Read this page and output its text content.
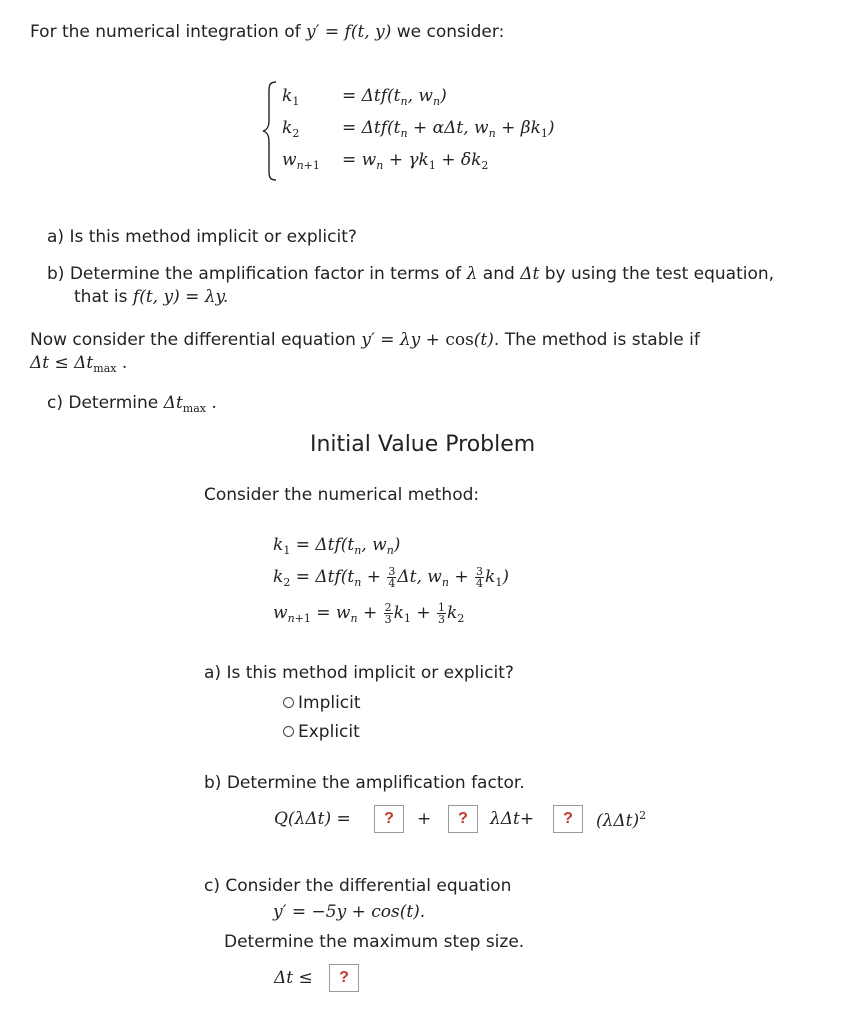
For the numerical integration of y′ = f(t, y) we consider:
$k_1$	= $\Delta tf(t_n$, $w_n$)
$k_2$	= $\Delta tf(t_n + \alpha\Delta t$, $w_n + \beta k_1$)
$w_{n+1} = w_n + \gamma k_1 + \delta k_2$
a) Is this method implicit or explicit?
b) Determine the amplification factor in terms of λ and Δt by using the test equation,
that is f(t, y) = λy.
Now consider the differential equation y′ = λy + cos(t). The method is stable if
$\Delta t \le \Delta t_{max}$ .
c) Determine $\Delta t_{max}$ .
Initial Value Problem
Consider the numerical method:
$k_1 = \Delta tf(t_n$, $w_n$)
$k_2 = \Delta tf(t_n + \frac{3}{4} \Delta t$, $w_n + \frac{3}{4} k_1$)
$w_{n+1} = w_n + \frac{2}{3} k_1 + \frac{1}{3} k_2$
a) Is this method implicit or explicit?
Implicit
Explicit
b) Determine the amplification factor.
Q(λΔt) =	?	+	?	λΔt+	?	$(\lambda\Delta t)^2$
c) Consider the differential equation
y′ = −5y + cos(t).
Determine the maximum step size.
Δt ≤	?
